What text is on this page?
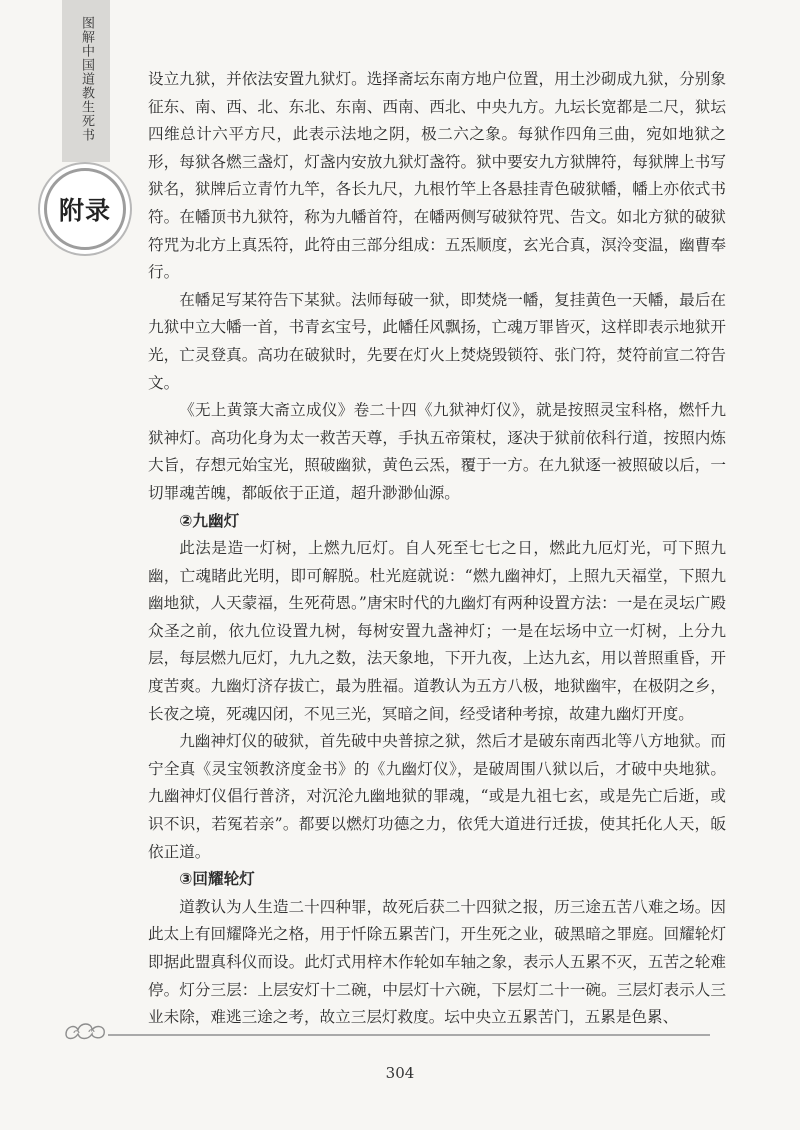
图解中国道教生死书
附录

设立九狱，并依法安置九狱灯。选择斋坛东南方地户位置，用土沙砌成九狱，分别象征东、南、西、北、东北、东南、西南、西北、中央九方。九坛长宽都是二尺，狱坛四维总计六平方尺，此表示法地之阴，极二六之象。每狱作四角三曲，宛如地狱之形，每狱各燃三盏灯，灯盏内安放九狱灯盏符。狱中要安九方狱牌符，每狱牌上书写狱名，狱牌后立青竹九竿，各长九尺，九根竹竿上各悬挂青色破狱幡，幡上亦依式书符。在幡顶书九狱符，称为九幡首符，在幡两侧写破狱符咒、告文。如北方狱的破狱符咒为北方上真炁符，此符由三部分组成：五炁顺度，玄光合真，溟泠变温，幽曹奉行。

在幡足写某符告下某狱。法师每破一狱，即焚烧一幡，复挂黄色一天幡，最后在九狱中立大幡一首，书青玄宝号，此幡任风飘扬，亡魂万罪皆灭，这样即表示地狱开光，亡灵登真。高功在破狱时，先要在灯火上焚烧毁锁符、张门符，焚符前宣二符告文。

《无上黄箓大斋立成仪》卷二十四《九狱神灯仪》，就是按照灵宝科格，燃忏九狱神灯。高功化身为太一救苦天尊，手执五帝策杖，逐决于狱前依科行道，按照内炼大旨，存想元始宝光，照破幽狱，黄色云炁，覆于一方。在九狱逐一被照破以后，一切罪魂苦魄，都皈依于正道，超升渺渺仙源。

②九幽灯

此法是造一灯树，上燃九厄灯。自人死至七七之日，燃此九厄灯光，可下照九幽，亡魂睹此光明，即可解脱。杜光庭就说：“燃九幽神灯，上照九天福堂，下照九幽地狱，人天蒙福，生死荷恩。”唐宋时代的九幽灯有两种设置方法：一是在灵坛广殿众圣之前，依九位设置九树，每树安置九盏神灯；一是在坛场中立一灯树，上分九层，每层燃九厄灯，九九之数，法天象地，下开九夜，上达九玄，用以普照重昏，开度苦爽。九幽灯济存拔亡，最为胜福。道教认为五方八极，地狱幽牢，在极阴之乡，长夜之境，死魂囚闭，不见三光，冥暗之间，经受诸种考掠，故建九幽灯开度。

九幽神灯仪的破狱，首先破中央普掠之狱，然后才是破东南西北等八方地狱。而宁全真《灵宝领教济度金书》的《九幽灯仪》，是破周围八狱以后，才破中央地狱。九幽神灯仪倡行普济，对沉沦九幽地狱的罪魂，“或是九祖七玄，或是先亡后逝，或识不识，若冤若亲”。都要以燃灯功德之力，依凭大道进行迁拔，使其托化人天，皈依正道。

③回耀轮灯

道教认为人生造二十四种罪，故死后获二十四狱之报，历三途五苦八难之场。因此太上有回耀降光之格，用于忏除五累苦门，开生死之业，破黑暗之罪庭。回耀轮灯即据此盟真科仪而设。此灯式用梓木作轮如车轴之象，表示人五累不灭，五苦之轮难停。灯分三层：上层安灯十二碗，中层灯十六碗，下层灯二十一碗。三层灯表示人三业未除，难逃三途之考，故立三层灯救度。坛中央立五累苦门，五累是色累、

304
